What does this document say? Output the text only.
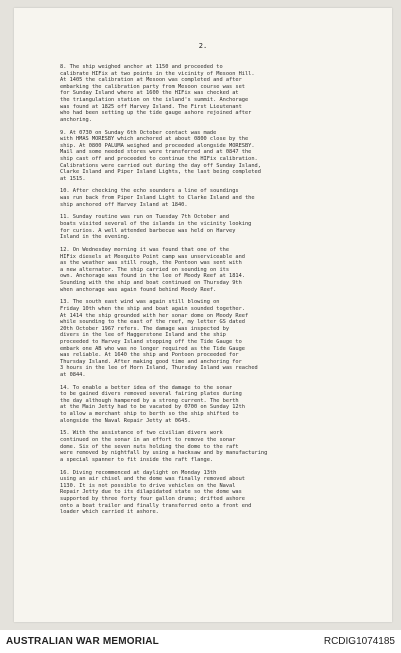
2.
8. The ship weighed anchor at 1150 and proceeded to
calibrate HIFix at two points in the vicinity of Mesoon Hill.
At 1405 the calibration at Mesoon was completed and after
embarking the calibration party from Mesoon course was set
for Sunday Island where at 1600 the HIFix was checked at
the triangulation station on the island's summit. Anchorage
was found at 1825 off Harvey Island. The First Lieutenant
who had been setting up the tide gauge ashore rejoined after
anchoring.
9. At 0730 on Sunday 6th October contact was made
with HMAS MORESBY which anchored at about 0800 close by the
ship. At 0800 PALUMA weighed and proceeded alongside MORESBY.
Mail and some needed stores were transferred and at 0847 the
ship cast off and proceeded to continue the HIFix calibration.
Calibrations were carried out during the day off Sunday Island,
Clarke Island and Piper Island Lights, the last being completed
at 1515.
10. After checking the echo sounders a line of soundings
was run back from Piper Island Light to Clarke Island and the
ship anchored off Harvey Island at 1840.
11. Sunday routine was run on Tuesday 7th October and
boats visited several of the islands in the vicinity looking
for curios. A well attended barbecue was held on Harvey
Island in the evening.
12. On Wednesday morning it was found that one of the
HIFix diesels at Mosquito Point camp was unserviceable and
as the weather was still rough, the Pontoon was sent with
a new alternator. The ship carried on sounding on its
own. Anchorage was found in the lee of Moody Reef at 1814.
Sounding with the ship and boat continued on Thursday 9th
when anchorage was again found behind Moody Reef.
13. The south east wind was again still blowing on
Friday 10th when the ship and boat again sounded together.
At 1414 the ship grounded with her sonar dome on Moody Reef
while sounding to the east of the reef, my letter GS dated
20th October 1967 refers. The damage was inspected by
divers in the lee of Haggerstone Island and the ship
proceeded to Harvey Island stopping off the Tide Gauge to
embark one AB who was no longer required as the Tide Gauge
was reliable. At 1640 the ship and Pontoon proceeded for
Thursday Island. After making good time and anchoring for
3 hours in the lee of Horn Island, Thursday Island was reached
at 0844.
14. To enable a better idea of the damage to the sonar
to be gained divers removed several fairing plates during
the day although hampered by a strong current. The berth
at the Main Jetty had to be vacated by 0700 on Sunday 12th
to allow a merchant ship to berth so the ship shifted to
alongside the Naval Repair Jetty at 0645.
15. With the assistance of two civilian divers work
continued on the sonar in an effort to remove the sonar
dome. Six of the seven nuts holding the dome to the raft
were removed by nightfall by using a hacksaw and by manufacturing
a special spanner to fit inside the raft flange.
16. Diving recommenced at daylight on Monday 13th
using an air chisel and the dome was finally removed about
1130. It is not possible to drive vehicles on the Naval
Repair Jetty due to its dilapidated state so the dome was
supported by three forty four gallon drums; drifted ashore
onto a boat trailer and finally transferred onto a front end
loader which carried it ashore.
AUSTRALIAN WAR MEMORIAL	RCDIG1074185
